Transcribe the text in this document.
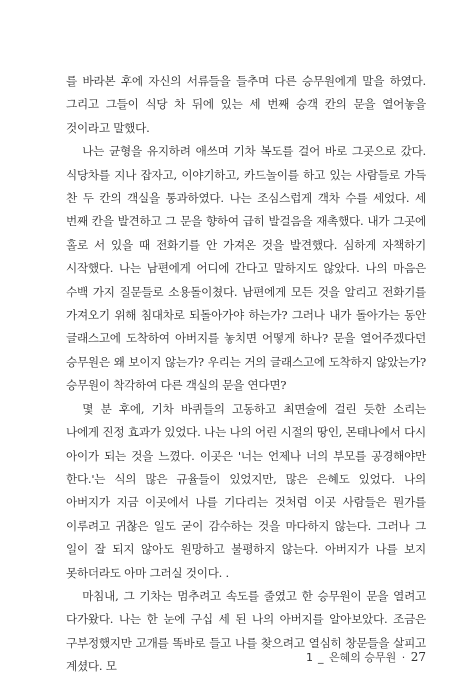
를 바라본 후에 자신의 서류들을 들추며 다른 승무원에게 말을 하였다. 그리고 그들이 식당 차 뒤에 있는 세 번째 승객 칸의 문을 열어놓을 것이라고 말했다.

나는 균형을 유지하려 애쓰며 기차 복도를 걸어 바로 그곳으로 갔다. 식당차를 지나 잡자고, 이야기하고, 카드놀이를 하고 있는 사람들로 가득 찬 두 칸의 객실을 통과하였다. 나는 조심스럽게 객차 수를 세었다. 세 번째 칸을 발견하고 그 문을 향하여 급히 발걸음을 재촉했다. 내가 그곳에 홀로 서 있을 때 전화기를 안 가져온 것을 발견했다. 심하게 자책하기 시작했다. 나는 남편에게 어디에 간다고 말하지도 않았다. 나의 마음은 수백 가지 질문들로 소용돌이쳤다. 남편에게 모든 것을 알리고 전화기를 가져오기 위해 침대차로 되돌아가야 하는가? 그러나 내가 돌아가는 동안 글래스고에 도착하여 아버지를 놓치면 어떻게 하나? 문을 열어주겠다던 승무원은 왜 보이지 않는가? 우리는 거의 글래스고에 도착하지 않았는가? 승무원이 착각하여 다른 객실의 문을 연다면?

몇 분 후에, 기차 바퀴들의 고동하고 최면술에 걸린 듯한 소리는 나에게 진정 효과가 있었다. 나는 나의 어린 시절의 땅인, 몬태나에서 다시 아이가 되는 것을 느꼈다. 이곳은 '너는 언제나 너의 부모를 공경해야만 한다.'는 식의 많은 규율들이 있었지만, 많은 은혜도 있었다. 나의 아버지가 지금 이곳에서 나를 기다리는 것처럼 이곳 사람들은 뭔가를 이루려고 귀찮은 일도 굳이 감수하는 것을 마다하지 않는다. 그러나 그 일이 잘 되지 않아도 원망하고 불평하지 않는다. 아버지가 나를 보지 못하더라도 아마 그러실 것이다. .

마침내, 그 기차는 멈추려고 속도를 줄였고 한 승무원이 문을 열려고 다가왔다. 나는 한 눈에 구십 세 된 나의 아버지를 알아보았다. 조금은 구부정했지만 고개를 똑바로 들고 나를 찾으려고 열심히 창문들을 살피고 계셨다. 모

1 _ 은혜의 승무원 · 27
